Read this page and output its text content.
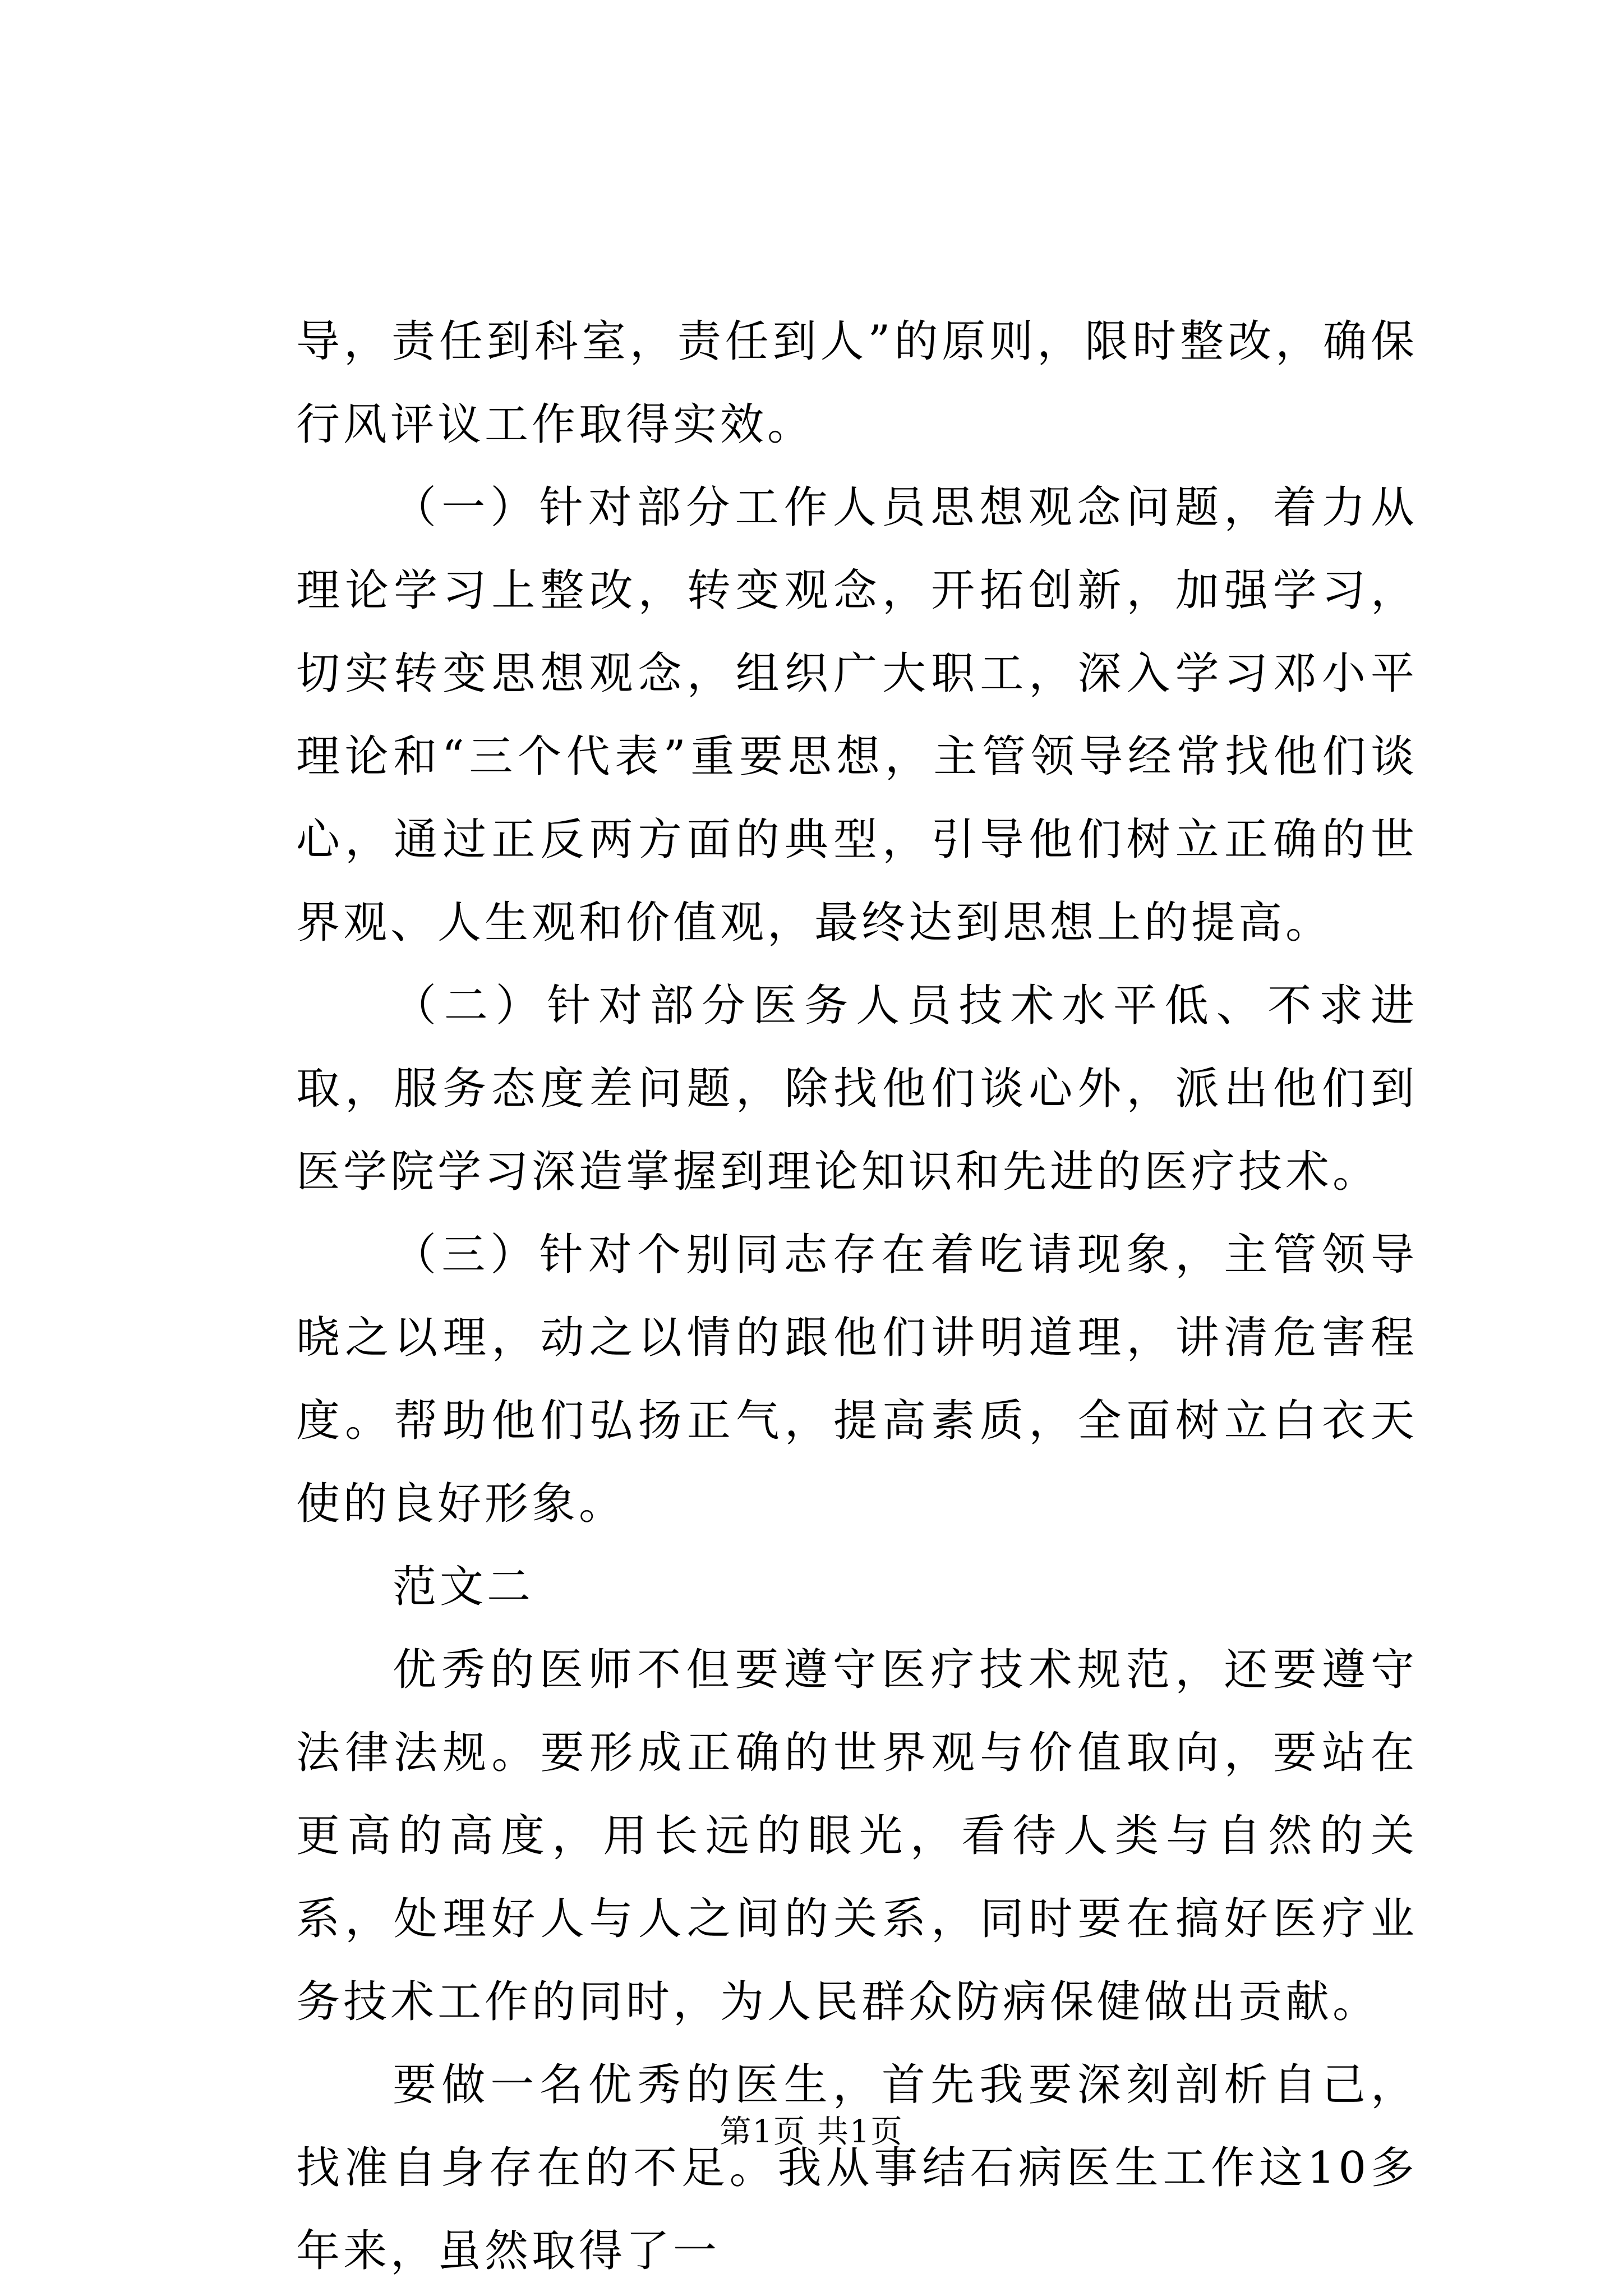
导，责任到科室，责任到人”的原则，限时整改，确保行风评议工作取得实效。

（一）针对部分工作人员思想观念问题，着力从理论学习上整改，转变观念，开拓创新，加强学习，切实转变思想观念，组织广大职工，深入学习邓小平理论和“三个代表”重要思想，主管领导经常找他们谈心，通过正反两方面的典型，引导他们树立正确的世界观、人生观和价值观，最终达到思想上的提高。

（二）针对部分医务人员技术水平低、不求进取，服务态度差问题，除找他们谈心外，派出他们到医学院学习深造掌握到理论知识和先进的医疗技术。

（三）针对个别同志存在着吃请现象，主管领导晓之以理，动之以情的跟他们讲明道理，讲清危害程度。帮助他们弘扬正气，提高素质，全面树立白衣天使的良好形象。

范文二

优秀的医师不但要遵守医疗技术规范，还要遵守法律法规。要形成正确的世界观与价值取向，要站在更高的高度，用长远的眼光，看待人类与自然的关系，处理好人与人之间的关系，同时要在搞好医疗业务技术工作的同时，为人民群众防病保健做出贡献。

要做一名优秀的医生，首先我要深刻剖析自己，找准自身存在的不足。我从事结石病医生工作这10多年来，虽然取得了一

第1页 共1页
